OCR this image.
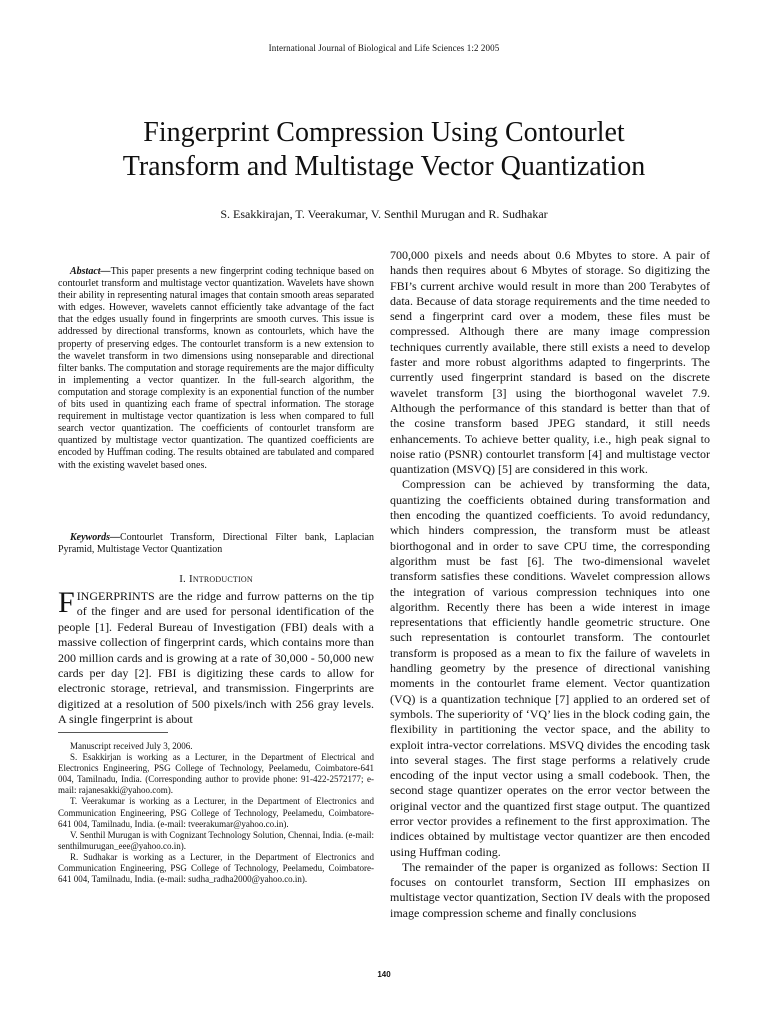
International Journal of Biological and Life Sciences 1:2 2005
Fingerprint Compression Using Contourlet
Transform and Multistage Vector Quantization
S. Esakkirajan, T. Veerakumar, V. Senthil Murugan and R. Sudhakar

Abstact—This paper presents a new fingerprint coding technique based on contourlet transform and multistage vector quantization. Wavelets have shown their ability in representing natural images that contain smooth areas separated with edges. However, wavelets cannot efficiently take advantage of the fact that the edges usually found in fingerprints are smooth curves. This issue is addressed by directional transforms, known as contourlets, which have the property of preserving edges. The contourlet transform is a new extension to the wavelet transform in two dimensions using nonseparable and directional filter banks. The computation and storage requirements are the major difficulty in implementing a vector quantizer. In the full-search algorithm, the computation and storage complexity is an exponential function of the number of bits used in quantizing each frame of spectral information. The storage requirement in multistage vector quantization is less when compared to full search vector quantization. The coefficients of contourlet transform are quantized by multistage vector quantization. The quantized coefficients are encoded by Huffman coding. The results obtained are tabulated and compared with the existing wavelet based ones.

Keywords—Contourlet Transform, Directional Filter bank, Laplacian Pyramid, Multistage Vector Quantization

I. Introduction

FINGERPRINTS are the ridge and furrow patterns on the tip of the finger and are used for personal identification of the people [1]. Federal Bureau of Investigation (FBI) deals with a massive collection of fingerprint cards, which contains more than 200 million cards and is growing at a rate of 30,000 - 50,000 new cards per day [2]. FBI is digitizing these cards to allow for electronic storage, retrieval, and transmission. Fingerprints are digitized at a resolution of 500 pixels/inch with 256 gray levels. A single fingerprint is about

Manuscript received July 3, 2006.

S. Esakkirjan is working as a Lecturer, in the Department of Electrical and Electronics Engineering, PSG College of Technology, Peelamedu, Coimbatore-641 004, Tamilnadu, India. (Corresponding author to provide phone: 91-422-2572177; e-mail: rajanesakki@yahoo.com).

T. Veerakumar is working as a Lecturer, in the Department of Electronics and Communication Engineering, PSG College of Technology, Peelamedu, Coimbatore-641 004, Tamilnadu, India. (e-mail: tveerakumar@yahoo.co.in).

V. Senthil Murugan is with Cognizant Technology Solution, Chennai, India. (e-mail: senthilmurugan_eee@yahoo.co.in).

R. Sudhakar is working as a Lecturer, in the Department of Electronics and Communication Engineering, PSG College of Technology, Peelamedu, Coimbatore-641 004, Tamilnadu, India. (e-mail: sudha_radha2000@yahoo.co.in).

700,000 pixels and needs about 0.6 Mbytes to store. A pair of hands then requires about 6 Mbytes of storage. So digitizing the FBI’s current archive would result in more than 200 Terabytes of data. Because of data storage requirements and the time needed to send a fingerprint card over a modem, these files must be compressed. Although there are many image compression techniques currently available, there still exists a need to develop faster and more robust algorithms adapted to fingerprints. The currently used fingerprint standard is based on the discrete wavelet transform [3] using the biorthogonal wavelet 7.9. Although the performance of this standard is better than that of the cosine transform based JPEG standard, it still needs enhancements. To achieve better quality, i.e., high peak signal to noise ratio (PSNR) contourlet transform [4] and multistage vector quantization (MSVQ) [5] are considered in this work.

Compression can be achieved by transforming the data, quantizing the coefficients obtained during transformation and then encoding the quantized coefficients. To avoid redundancy, which hinders compression, the transform must be atleast biorthogonal and in order to save CPU time, the corresponding algorithm must be fast [6]. The two-dimensional wavelet transform satisfies these conditions. Wavelet compression allows the integration of various compression techniques into one algorithm. Recently there has been a wide interest in image representations that efficiently handle geometric structure. One such representation is contourlet transform. The contourlet transform is proposed as a mean to fix the failure of wavelets in handling geometry by the presence of directional vanishing moments in the contourlet frame element. Vector quantization (VQ) is a quantization technique [7] applied to an ordered set of symbols. The superiority of ‘VQ’ lies in the block coding gain, the flexibility in partitioning the vector space, and the ability to exploit intra-vector correlations. MSVQ divides the encoding task into several stages. The first stage performs a relatively crude encoding of the input vector using a small codebook. Then, the second stage quantizer operates on the error vector between the original vector and the quantized first stage output. The quantized error vector provides a refinement to the first approximation. The indices obtained by multistage vector quantizer are then encoded using Huffman coding.

The remainder of the paper is organized as follows: Section II focuses on contourlet transform, Section III emphasizes on multistage vector quantization, Section IV deals with the proposed image compression scheme and finally conclusions

140
